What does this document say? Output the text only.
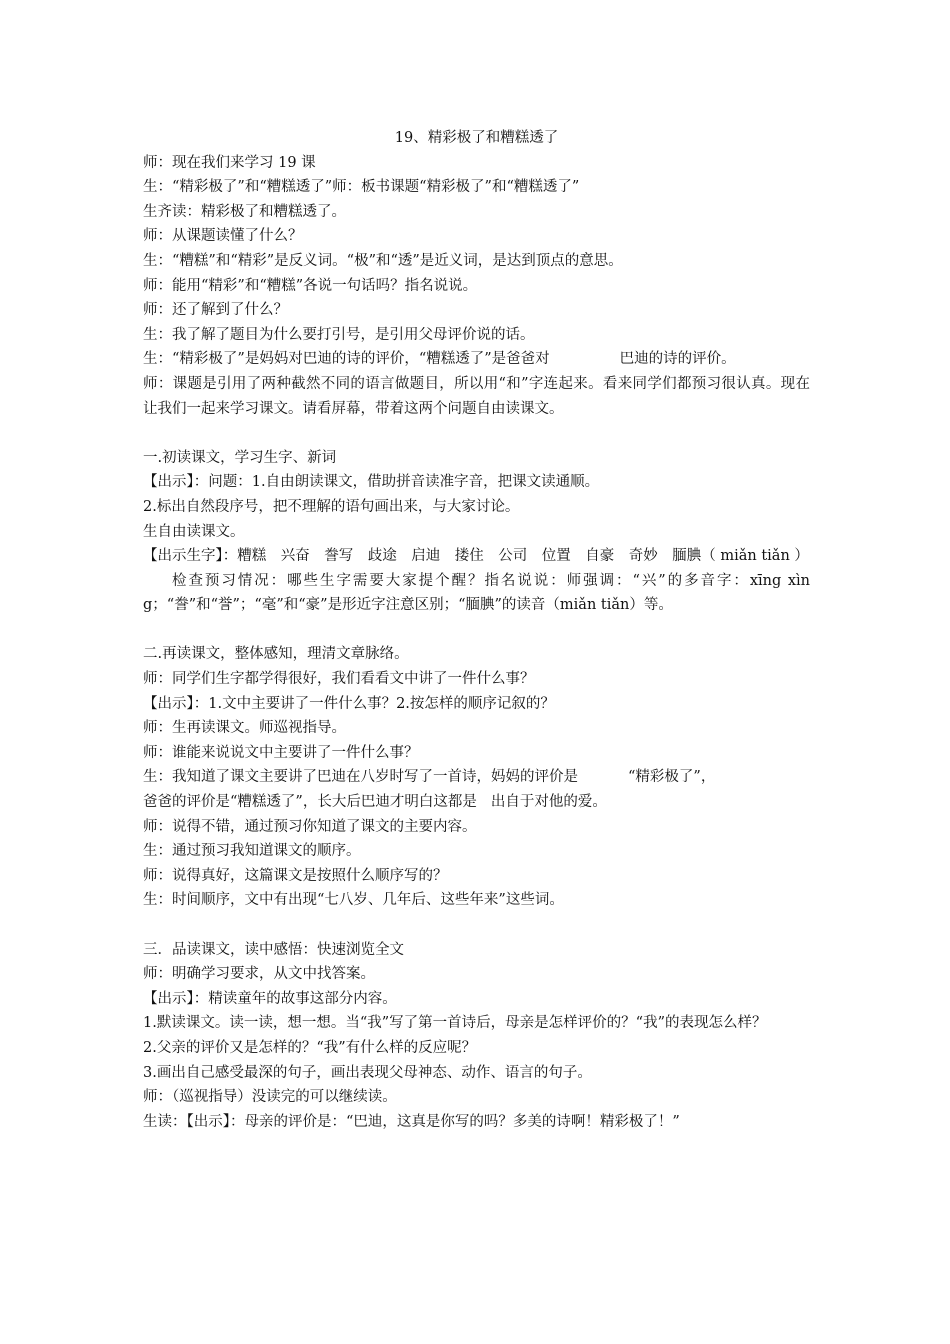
19、精彩极了和糟糕透了

师：现在我们来学习 19 课

生：“精彩极了”和“糟糕透了”师：板书课题“精彩极了”和“糟糕透了”

生齐读：精彩极了和糟糕透了。

师：从课题读懂了什么？

生：“糟糕”和“精彩”是反义词。“极”和“透”是近义词，是达到顶点的意思。

师：能用“精彩”和“糟糕”各说一句话吗？指名说说。

师：还了解到了什么？

生：我了解了题目为什么要打引号，是引用父母评价说的话。

生：“精彩极了”是妈妈对巴迪的诗的评价，“糟糕透了”是爸爸对	巴迪的诗的评价。

师：课题是引用了两种截然不同的语言做题目，所以用“和”字连起来。看来同学们都预习很认真。现在让我们一起来学习课文。请看屏幕，带着这两个问题自由读课文。

一.初读课文，学习生字、新词

【出示】：问题：1.自由朗读课文，借助拼音读准字音，把课文读通顺。

2.标出自然段序号，把不理解的语句画出来，与大家讨论。

生自由读课文。

【出示生字】：糟糕　兴奋　誊写　歧途　启迪　搂住　公司　位置　自豪　奇妙　腼腆（ miǎn tiǎn ）

检查预习情况：哪些生字需要大家提个醒？指名说说：师强调：“兴”的多音字：xīng xìng；“誊”和“誉”；“毫”和“豪”是形近字注意区别；“腼腆”的读音（miǎn tiǎn）等。

二.再读课文，整体感知，理清文章脉络。

师：同学们生字都学得很好，我们看看文中讲了一件什么事？

【出示】：1.文中主要讲了一件什么事？2.按怎样的顺序记叙的？

师：生再读课文。师巡视指导。

师：谁能来说说文中主要讲了一件什么事？

生：我知道了课文主要讲了巴迪在八岁时写了一首诗，妈妈的评价是	“精彩极了”，

爸爸的评价是“糟糕透了”，长大后巴迪才明白这都是 出自于对他的爱。

师：说得不错，通过预习你知道了课文的主要内容。

生：通过预习我知道课文的顺序。

师：说得真好，这篇课文是按照什么顺序写的？

生：时间顺序，文中有出现“七八岁、几年后、这些年来”这些词。

三．品读课文，读中感悟：快速浏览全文

师：明确学习要求，从文中找答案。

【出示】：精读童年的故事这部分内容。

1.默读课文。读一读，想一想。当“我”写了第一首诗后，母亲是怎样评价的？“我”的表现怎么样？

2.父亲的评价又是怎样的？“我”有什么样的反应呢？

3.画出自己感受最深的句子，画出表现父母神态、动作、语言的句子。

师：（巡视指导）没读完的可以继续读。

生读：【出示】：母亲的评价是：“巴迪，这真是你写的吗？多美的诗啊！精彩极了！”
